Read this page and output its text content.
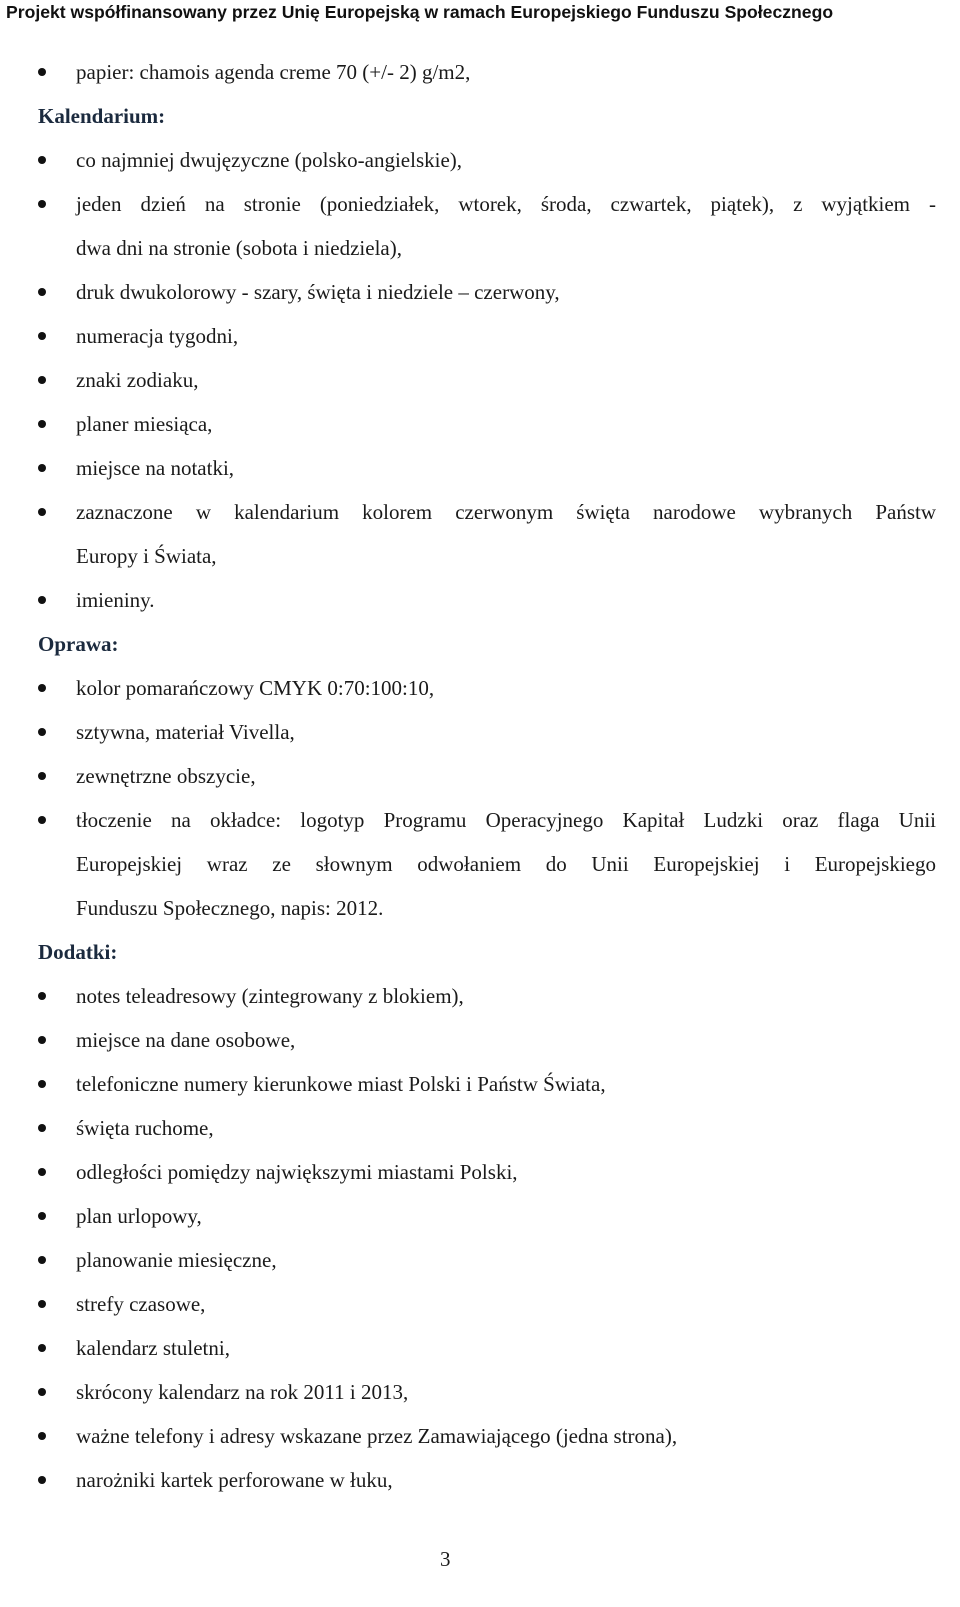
Projekt współfinansowany przez Unię Europejską w ramach Europejskiego Funduszu Społecznego
papier: chamois agenda creme 70 (+/- 2) g/m2,
Kalendarium:
co najmniej dwujęzyczne (polsko-angielskie),
jeden dzień na stronie (poniedziałek, wtorek, środa, czwartek, piątek), z wyjątkiem -
dwa dni na stronie (sobota i niedziela),
druk dwukolorowy - szary, święta i niedziele – czerwony,
numeracja tygodni,
znaki zodiaku,
planer miesiąca,
miejsce na notatki,
zaznaczone w kalendarium kolorem czerwonym święta narodowe wybranych Państw
Europy i Świata,
imieniny.
Oprawa:
kolor pomarańczowy CMYK 0:70:100:10,
sztywna, materiał Vivella,
zewnętrzne obszycie,
tłoczenie na okładce: logotyp Programu Operacyjnego Kapitał Ludzki oraz flaga Unii
Europejskiej wraz ze słownym odwołaniem do Unii Europejskiej i Europejskiego
Funduszu Społecznego, napis: 2012.
Dodatki:
notes teleadresowy (zintegrowany z blokiem),
miejsce na dane osobowe,
telefoniczne numery kierunkowe miast Polski i Państw Świata,
święta ruchome,
odległości pomiędzy największymi miastami Polski,
plan urlopowy,
planowanie miesięczne,
strefy czasowe,
kalendarz stuletni,
skrócony kalendarz na rok 2011 i 2013,
ważne telefony i adresy wskazane przez Zamawiającego (jedna strona),
narożniki kartek perforowane w łuku,
3
